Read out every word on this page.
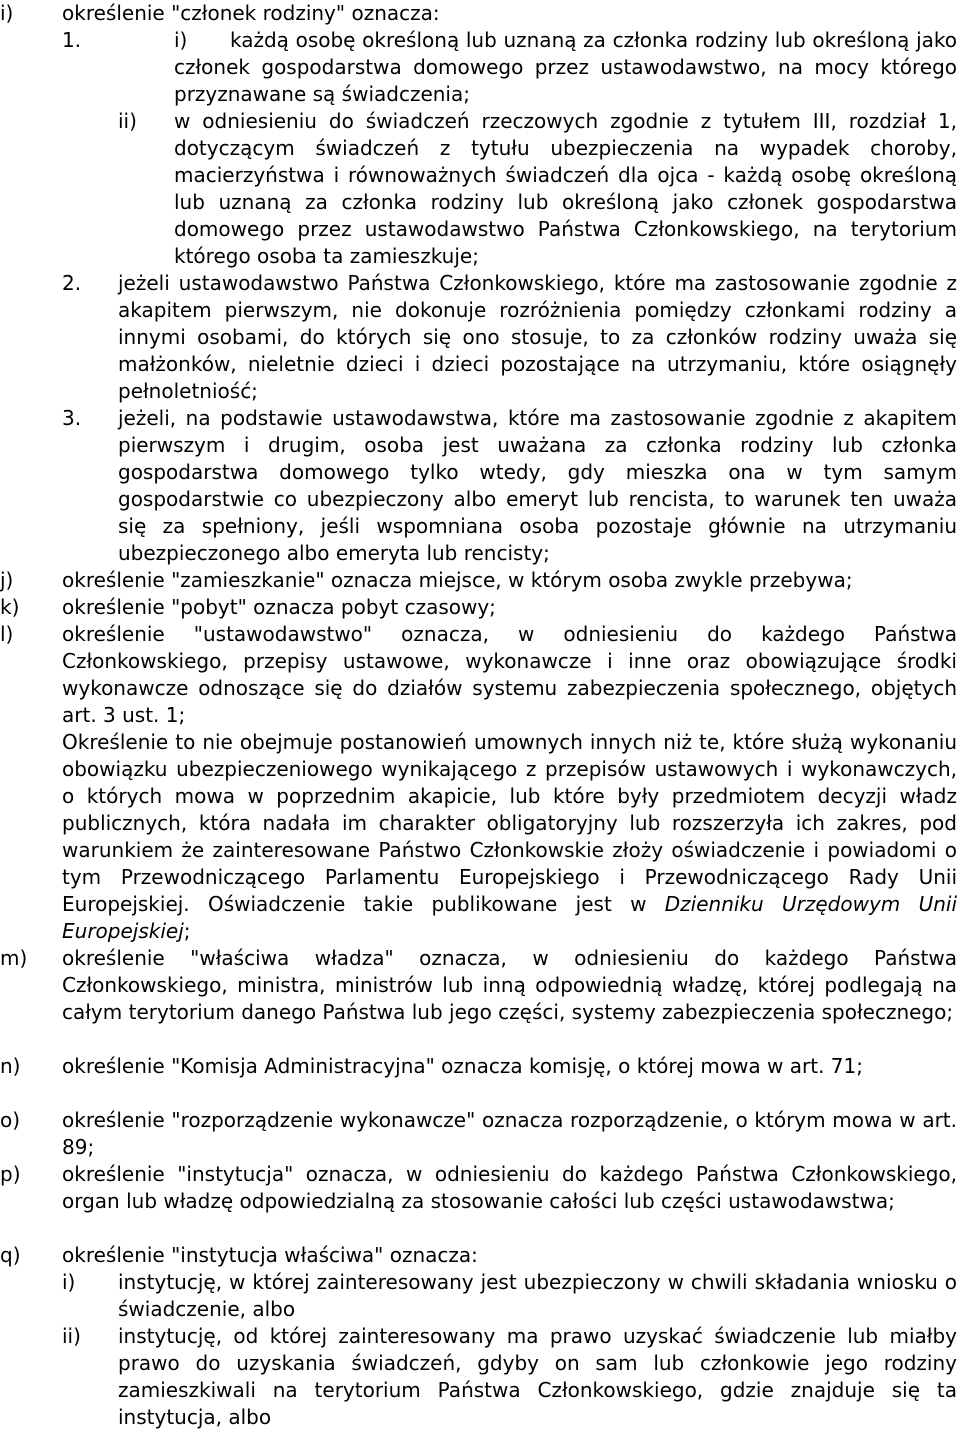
i) określenie "członek rodziny" oznacza:
1.	i)	każdą osobę określoną lub uznaną za członka rodziny lub określoną jako członek gospodarstwa domowego przez ustawodawstwo, na mocy którego przyznawane są świadczenia;
ii) w odniesieniu do świadczeń rzeczowych zgodnie z tytułem III, rozdział 1, dotyczącym świadczeń z tytułu ubezpieczenia na wypadek choroby, macierzyństwa i równoważnych świadczeń dla ojca - każdą osobę określoną lub uznaną za członka rodziny lub określoną jako członek gospodarstwa domowego przez ustawodawstwo Państwa Członkowskiego, na terytorium którego osoba ta zamieszkuje;
2. jeżeli ustawodawstwo Państwa Członkowskiego, które ma zastosowanie zgodnie z akapitem pierwszym, nie dokonuje rozróżnienia pomiędzy członkami rodziny a innymi osobami, do których się ono stosuje, to za członków rodziny uważa się małżonków, nieletnie dzieci i dzieci pozostające na utrzymaniu, które osiągnęły pełnoletniość;
3. jeżeli, na podstawie ustawodawstwa, które ma zastosowanie zgodnie z akapitem pierwszym i drugim, osoba jest uważana za członka rodziny lub członka gospodarstwa domowego tylko wtedy, gdy mieszka ona w tym samym gospodarstwie co ubezpieczony albo emeryt lub rencista, to warunek ten uważa się za spełniony, jeśli wspomniana osoba pozostaje głównie na utrzymaniu ubezpieczonego albo emeryta lub rencisty;
j) określenie "zamieszkanie" oznacza miejsce, w którym osoba zwykle przebywa;
k) określenie "pobyt" oznacza pobyt czasowy;
l) określenie "ustawodawstwo" oznacza, w odniesieniu do każdego Państwa Członkowskiego, przepisy ustawowe, wykonawcze i inne oraz obowiązujące środki wykonawcze odnoszące się do działów systemu zabezpieczenia społecznego, objętych art. 3 ust. 1;
Określenie to nie obejmuje postanowień umownych innych niż te, które służą wykonaniu obowiązku ubezpieczeniowego wynikającego z przepisów ustawowych i wykonawczych, o których mowa w poprzednim akapicie, lub które były przedmiotem decyzji władz publicznych, która nadała im charakter obligatoryjny lub rozszerzyła ich zakres, pod warunkiem że zainteresowane Państwo Członkowskie złoży oświadczenie i powiadomi o tym Przewodniczącego Parlamentu Europejskiego i Przewodniczącego Rady Unii Europejskiej. Oświadczenie takie publikowane jest w Dzienniku Urzędowym Unii Europejskiej;
m) określenie "właściwa władza" oznacza, w odniesieniu do każdego Państwa Członkowskiego, ministra, ministrów lub inną odpowiednią władzę, której podlegają na całym terytorium danego Państwa lub jego części, systemy zabezpieczenia społecznego;
n) określenie "Komisja Administracyjna" oznacza komisję, o której mowa w art. 71;
o) określenie "rozporządzenie wykonawcze" oznacza rozporządzenie, o którym mowa w art. 89;
p) określenie "instytucja" oznacza, w odniesieniu do każdego Państwa Członkowskiego, organ lub władzę odpowiedzialną za stosowanie całości lub części ustawodawstwa;
q) określenie "instytucja właściwa" oznacza:
i) instytucję, w której zainteresowany jest ubezpieczony w chwili składania wniosku o świadczenie, albo
ii) instytucję, od której zainteresowany ma prawo uzyskać świadczenie lub miałby prawo do uzyskania świadczeń, gdyby on sam lub członkowie jego rodziny zamieszkiwali na terytorium Państwa Członkowskiego, gdzie znajduje się ta instytucja, albo
